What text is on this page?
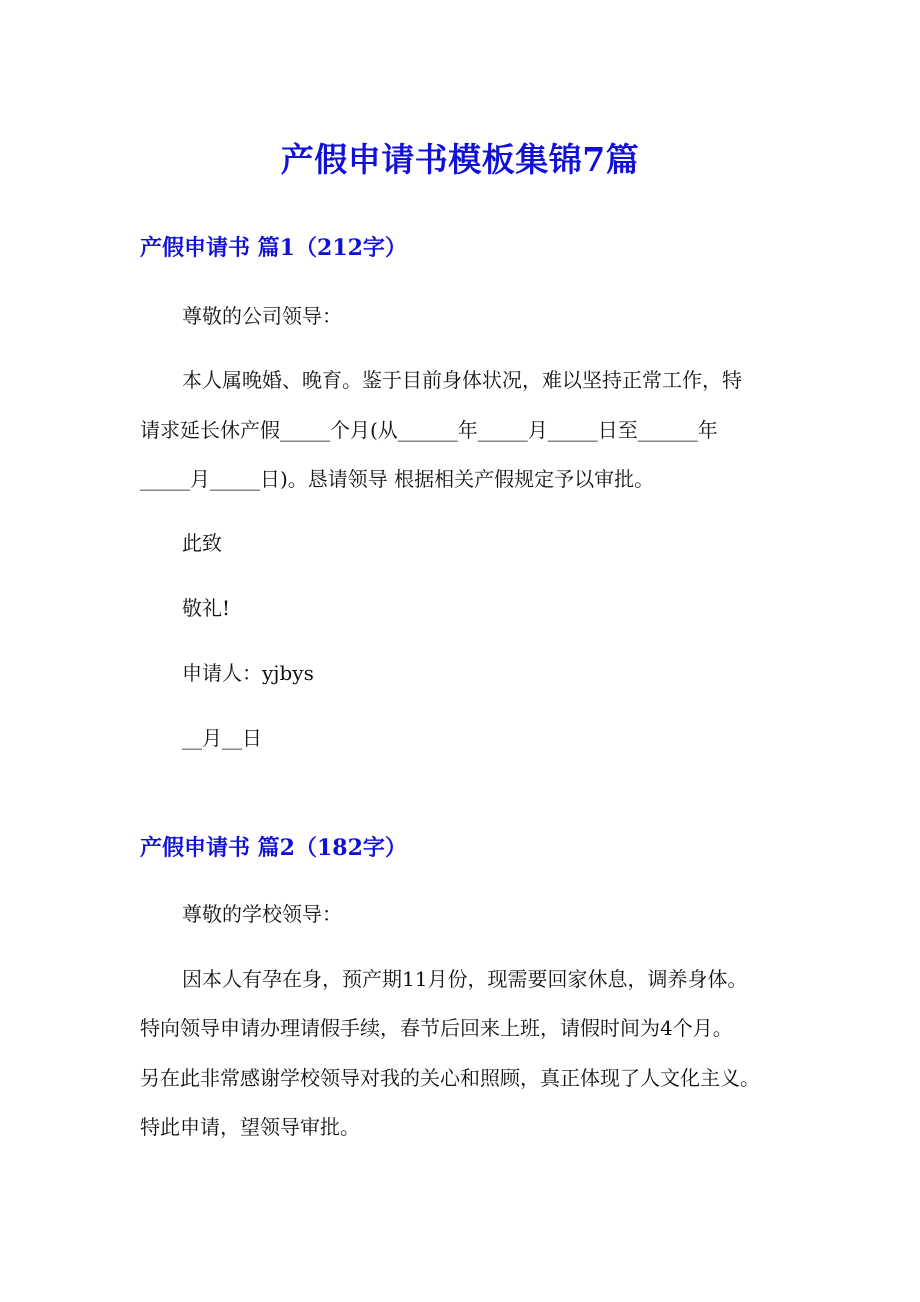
产假申请书模板集锦7篇
产假申请书 篇1（212字）
尊敬的公司领导：
本人属晚婚、晚育。鉴于目前身体状况，难以坚持正常工作，特
请求延长休产假_____个月(从______年_____月_____日至______年
_____月_____日)。恳请领导 根据相关产假规定予以审批。
此致
敬礼!
申请人：yjbys
__月__日
产假申请书 篇2（182字）
尊敬的学校领导：
因本人有孕在身，预产期11月份，现需要回家休息，调养身体。
特向领导申请办理请假手续，春节后回来上班，请假时间为4个月。
另在此非常感谢学校领导对我的关心和照顾，真正体现了人文化主义。
特此申请，望领导审批。
